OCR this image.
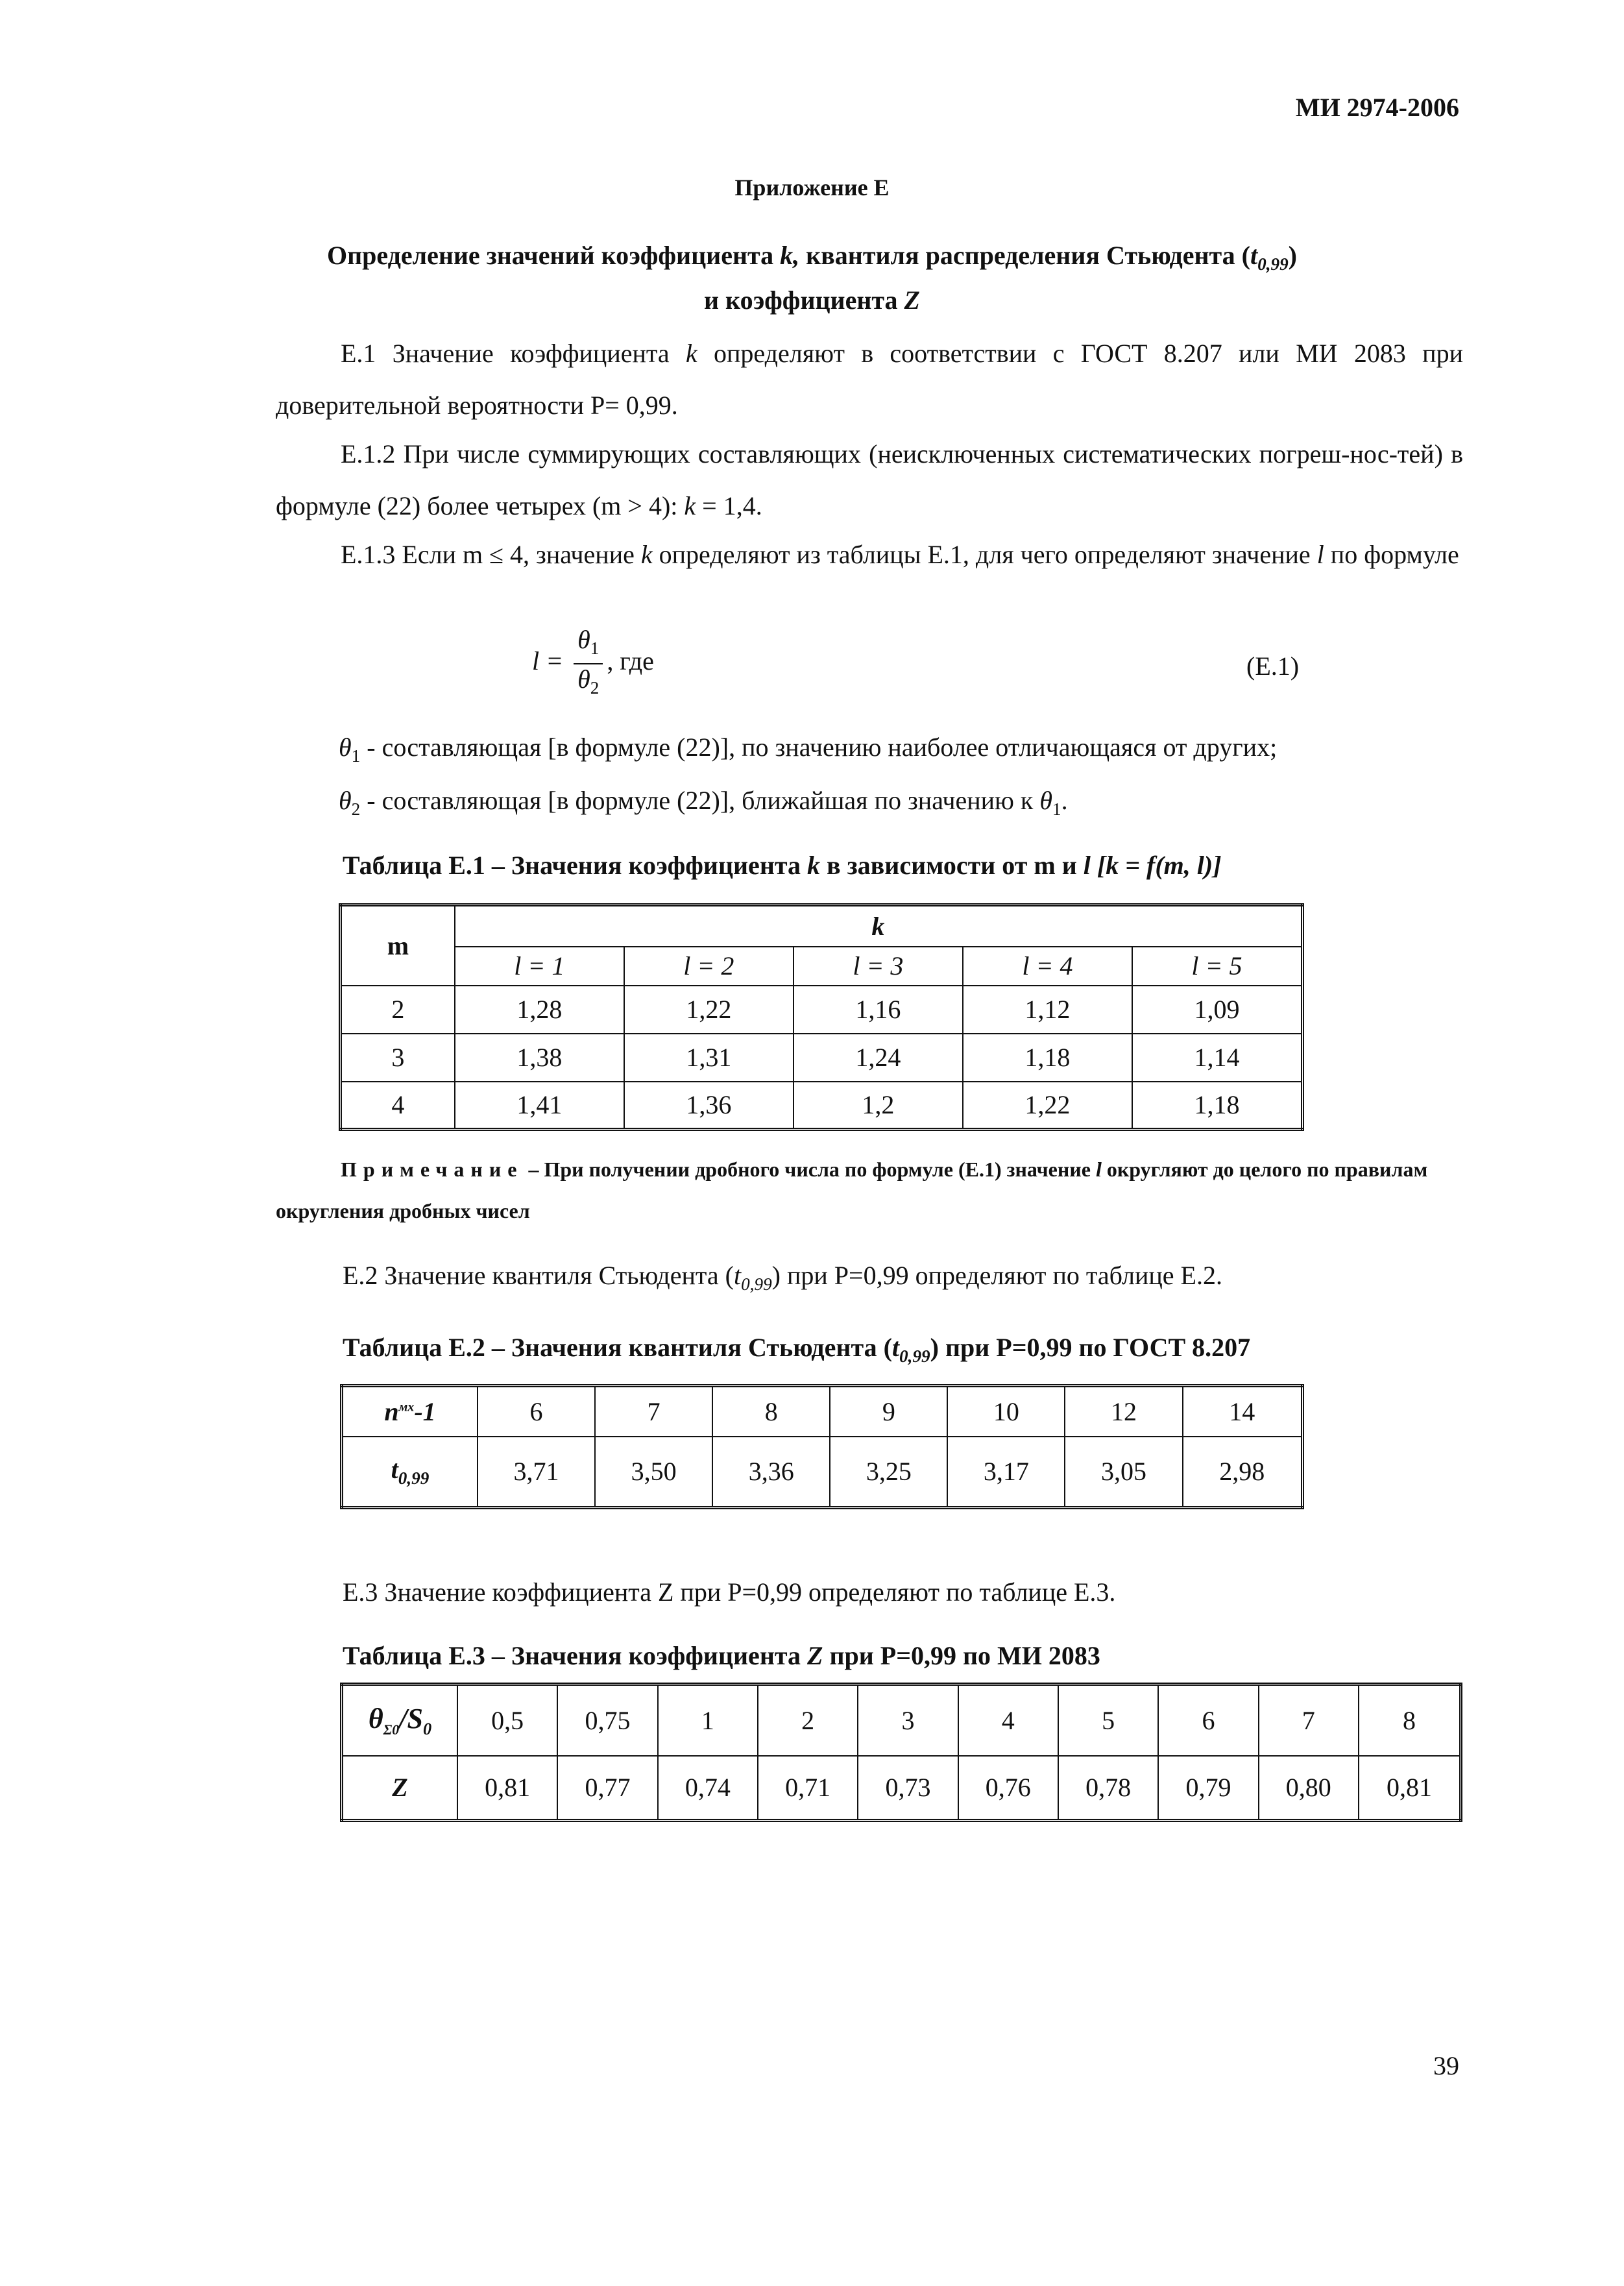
МИ 2974-2006
Приложение Е
Определение значений коэффициента k, квантиля распределения Стьюдента $(t_{0,99})$
и коэффициента Z
Е.1 Значение коэффициента k определяют в соответствии с ГОСТ 8.207 или МИ 2083 при доверительной вероятности Р= 0,99.
Е.1.2 При числе суммирующих составляющих (неисключенных систематических погреш-нос-тей) в формуле (22) более четырех (m > 4): k = 1,4.
Е.1.3 Если m ≤ 4, значение k определяют из таблицы Е.1, для чего определяют значение l по формуле
$l = \frac{\theta_1}{\theta_2}$ , где	(Е.1)
$\theta_1$ - составляющая [в формуле (22)], по значению наиболее отличающаяся от других;
$\theta_2$ - составляющая [в формуле (22)], ближайшая по значению к $\theta_1$.
Таблица Е.1 – Значения коэффициента k в зависимости от m и l [k = f(m, l)]
m	k				
	l = 1	l = 2	l = 3	l = 4	l = 5
2	1,28	1,22	1,16	1,12	1,09
3	1,38	1,31	1,24	1,18	1,14
4	1,41	1,36	1,2	1,22	1,18
Примечание – При получении дробного числа по формуле (Е.1) значение l округляют до целого по правилам округления дробных чисел
Е.2 Значение квантиля Стьюдента $(t_{0,99})$ при Р=0,99 определяют по таблице Е.2.
Таблица Е.2 – Значения квантиля Стьюдента $(t_{0,99})$ при Р=0,99 по ГОСТ 8.207
$n^{мх}-1$	6	7	8	9	10	12	14
$t_{0,99}$	3,71	3,50	3,36	3,25	3,17	3,05	2,98
Е.3 Значение коэффициента Z при Р=0,99 определяют по таблице Е.3.
Таблица Е.3 – Значения коэффициента Z при Р=0,99 по МИ 2083
$\theta_{\Sigma 0}/S_0$	0,5	0,75	1	2	3	4	5	6	7	8
Z	0,81	0,77	0,74	0,71	0,73	0,76	0,78	0,79	0,80	0,81
39
